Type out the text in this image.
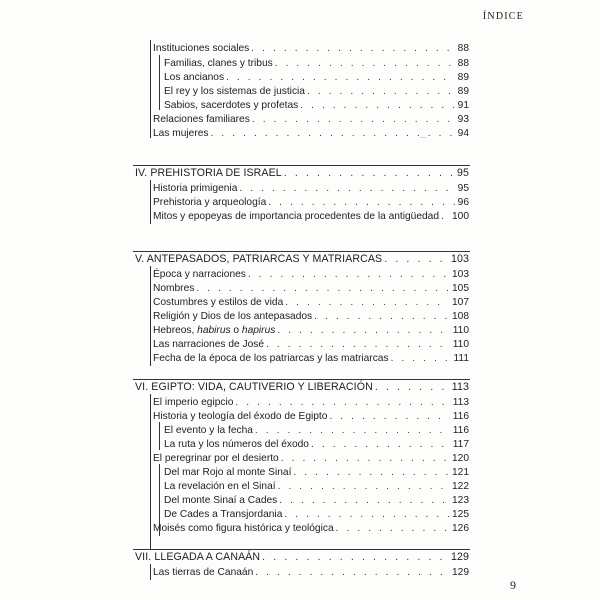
ÍNDICE
Instituciones sociales . . .	88
Familias, clanes y tribus . . .	88
Los ancianos . . .	89
El rey y los sistemas de justicia . . .	89
Sabios, sacerdotes y profetas . . .	91
Relaciones familiares . . .	93
Las mujeres . . .	94
IV. PREHISTORIA DE ISRAEL . . .	95
Historia primigenia . . .	95
Prehistoria y arqueología . . .	96
Mitos y epopeyas de importancia procedentes de la antigüedad . . . 100
V. ANTEPASADOS, PATRIARCAS Y MATRIARCAS . . .	103
Época y narraciones . . .	103
Nombres . . .	105
Costumbres y estilos de vida . . .	107
Religión y Dios de los antepasados . . .	108
Hebreos, habirus o hapirus . . .	110
Las narraciones de José . . .	110
Fecha de la época de los patriarcas y las matriarcas . . .	111
VI. EGIPTO: VIDA, CAUTIVERIO Y LIBERACIÓN . . .	113
El imperio egipcio . . .	113
Historia y teología del éxodo de Egipto . . .	116
El evento y la fecha . . .	116
La ruta y los números del éxodo . . .	117
El peregrinar por el desierto . . .	120
Del mar Rojo al monte Sinaí . . .	121
La revelación en el Sinaí . . .	122
Del monte Sinaí a Cades . . .	123
De Cades a Transjordania . . .	125
Moisés como figura histórica y teológica . . .	126
VII. LLEGADA A CANAÁN . . .	129
Las tierras de Canaán . . .	129
9
